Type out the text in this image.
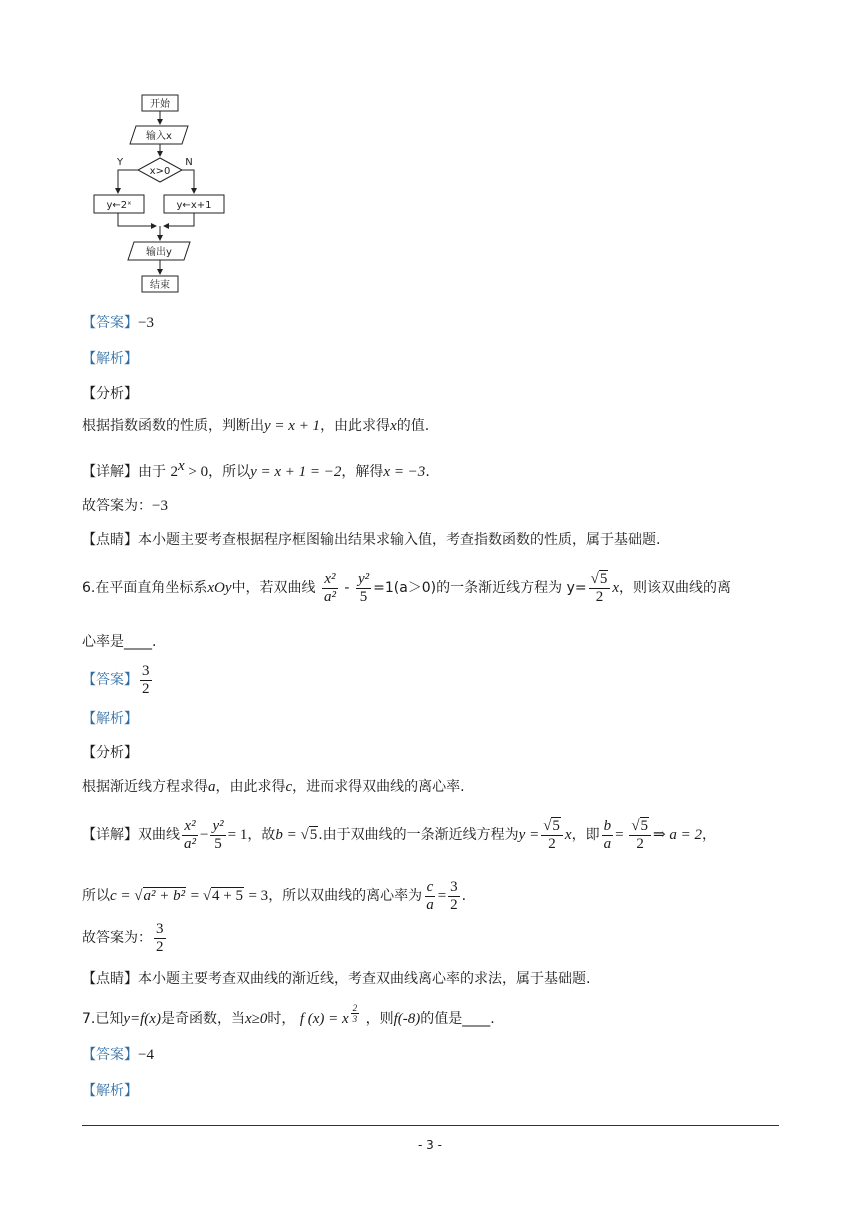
开始
输入x
x>0
Y	N
y←2ˣ	y←x+1
输出y
结束
【答案】−3
【解析】
【分析】
根据指数函数的性质，判断出y = x + 1，由此求得x的值.
【详解】由于 $2^x > 0$，所以y = x + 1 = −2，解得x = −3.
故答案为：−3
【点睛】本小题主要考查根据程序框图输出结果求输入值，考查指数函数的性质，属于基础题.
6.在平面直角坐标系xOy中，若双曲线 $\frac{\text{x²}}{\text{a²}} - \frac{\text{y²}}{5} =1(a>0)$的一条渐近线方程为 $y= \frac{√5}{2}$ x，则该双曲线的离
心率是____.
【答案】 $\frac{3}{2}$
【解析】
【分析】
根据渐近线方程求得a，由此求得c，进而求得双曲线的离心率.
【详解】双曲线 $\frac{\text{x²}}{\text{a²}} - \frac{\text{y²}}{5} = 1$，故b = √5.由于双曲线的一条渐近线方程为$y = \frac{√5}{2}$ x，即 $\frac{b}{a} = \frac{√5}{2}$ ⇒ a = 2，
所以c = √a² + b² = √4 + 5 = 3，所以双曲线的离心率为 $\frac{c}{a} = \frac{3}{2}$ .
故答案为： $\frac{3}{2}$
【点睛】本小题主要考查双曲线的渐近线，考查双曲线离心率的求法，属于基础题.
7.已知y=f(x)是奇函数，当x≥0时， f (x) = x $^{\frac{2}{3}}$ ，则f(-8)的值是____.
【答案】−4
【解析】
- 3 -
